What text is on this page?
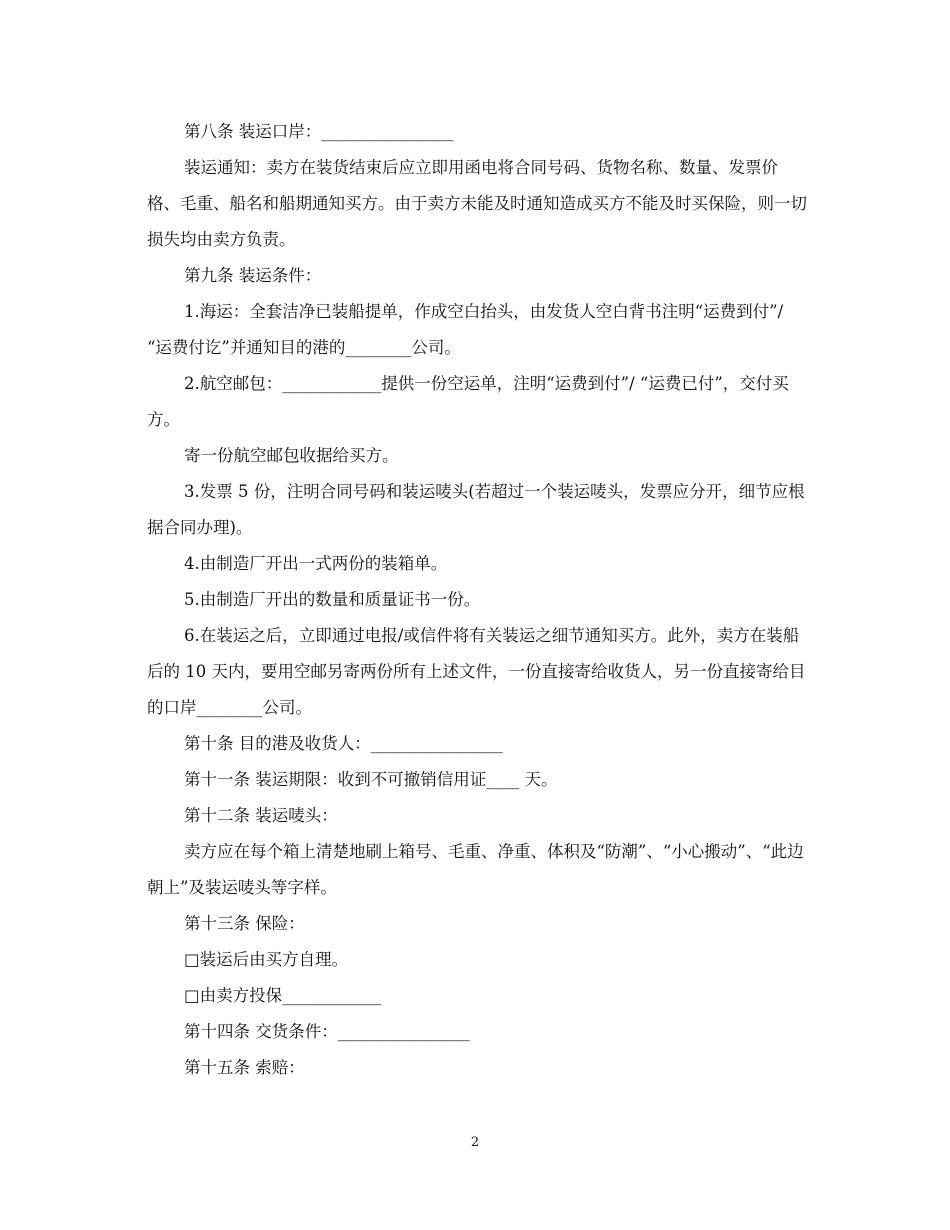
第八条 装运口岸：________________

装运通知：卖方在装货结束后应立即用函电将合同号码、货物名称、数量、发票价格、毛重、船名和船期通知买方。由于卖方未能及时通知造成买方不能及时买保险，则一切损失均由卖方负责。

第九条 装运条件：

1.海运：全套洁净已装船提单，作成空白抬头，由发货人空白背书注明“运费到付”/ “运费付讫”并通知目的港的________公司。

2.航空邮包：____________提供一份空运单，注明“运费到付”/ “运费已付”，交付买方。

寄一份航空邮包收据给买方。

3.发票 5 份，注明合同号码和装运唛头(若超过一个装运唛头，发票应分开，细节应根据合同办理)。

4.由制造厂开出一式两份的装箱单。

5.由制造厂开出的数量和质量证书一份。

6.在装运之后，立即通过电报/或信件将有关装运之细节通知买方。此外，卖方在装船后的 10 天内，要用空邮另寄两份所有上述文件，一份直接寄给收货人，另一份直接寄给目的口岸________公司。

第十条 目的港及收货人：________________

第十一条 装运期限：收到不可撤销信用证____ 天。

第十二条 装运唛头：

卖方应在每个箱上清楚地刷上箱号、毛重、净重、体积及“防潮”、“小心搬动”、“此边朝上”及装运唛头等字样。

第十三条 保险：

□装运后由买方自理。

□由卖方投保____________

第十四条 交货条件：________________

第十五条 索赔：

2
